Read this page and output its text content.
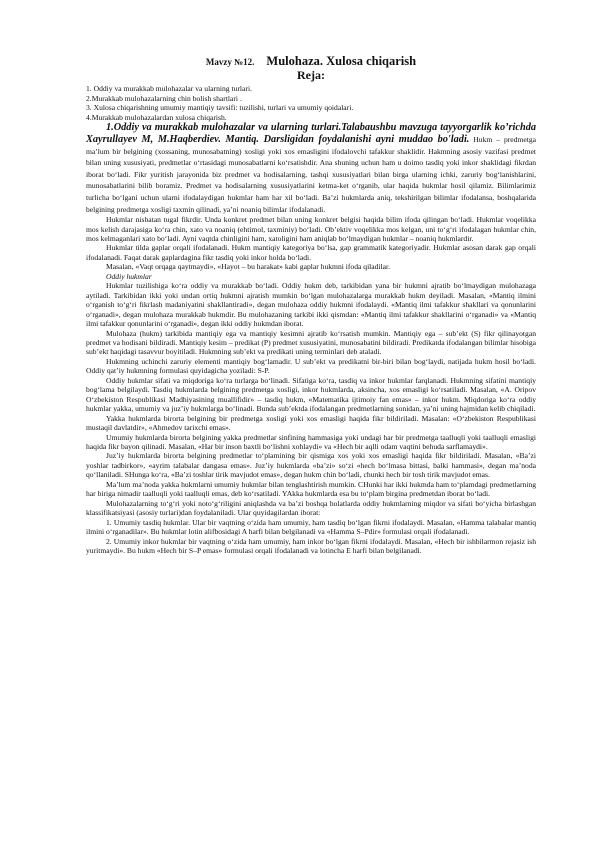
Mavzy №12. Mulohaza. Xulosa chiqarish

Reja:

1. Oddiy va murakkab mulohazalar va ularning turlari.

2.Murakkab mulohazalarning chin bolish shartlari .

3. Xulosa chiqarishning umumiy mantiqiy tavsifi: tuzilishi, turlari va umumiy qoidalari.

4.Murakkab mulohazalardan xulosa chiqarish.

1.Oddiy va murakkab mulohazalar va ularning turlari.Talabaushbu mavzuga tayyorgarlik ko’richda Xayrullayev M, M.Haqberdiev. Mantiq. Darsligidan foydalanishi ayni muddao bo'ladi. Hukm – predmetga ma’lum bir belgining (xossaning, munosabatning) xosligi yoki xos emasligini ifodalovchi tafakkur shaklidir. Hakmning asosiy vazifasi predmet bilan uning xususiyati, predmetlar o‘rtasidagi munosabatlarni ko‘rsatishdir. Ana shuning uchun ham u doimo tasdiq yoki inkor shaklidagi fikrdan iborat bo‘ladi. Fikr yuritish jarayonida biz predmet va hodisalarning, tashqi xususiyatlari bilan birga ularning ichki, zaruriy bog‘lanishlarini, munosabatlarini bilib boramiz. Predmet va hodisalarning xususiyatlarini ketma-ket o‘rganib, ular haqida hukmlar hosil qilamiz. Bilimlarimiz turlicha bo‘lgani uchun ularni ifodalaydigan hukmlar ham har xil bo‘ladi. Ba’zi hukmlarda aniq, tekshirilgan bilimlar ifodalansa, boshqalarida belgining predmetga xosligi taxmin qilinadi, ya’ni noaniq bilimlar ifodalanadi.

Hukmlar nisbatan tugal fikrdir. Unda konkret predmet bilan uning konkret belgisi haqida bilim ifoda qilingan bo‘ladi. Hukmlar voqelikka mos kelish darajasiga ko‘ra chin, xato va noaniq (ehtimol, taxminiy) bo‘ladi. Ob’ektiv voqelikka mos kelgan, uni to‘g‘ri ifodalagan hukmlar chin, mos kelmaganlari xato bo‘ladi. Ayni vaqtda chinligini ham, xatoligini ham aniqlab bo‘lmaydigan hukmlar – noaniq hukmlardir.

Hukmlar tilda gaplar orqali ifodalanadi. Hukm mantiqiy kategoriya bo‘lsa, gap grammatik kategoriyadir. Hukmlar asosan darak gap orqali ifodalanadi. Faqat darak gaplardagina fikr tasdiq yoki inkor holda bo‘ladi.

Masalan, «Vaqt orqaga qaytmaydi», «Hayot – bu harakat» kabi gaplar hukmni ifoda qiladilar.

Oddiy hukmlar

Hukmlar tuzilishiga ko‘ra oddiy va murakkab bo‘ladi. Oddiy hukm deb, tarkibidan yana bir hukmni ajratib bo‘lmaydigan mulohazaga aytiladi. Tarkibidan ikki yoki undan ortiq hukmni ajratish mumkin bo‘lgan mulohazalarga murakkab hukm deyiladi. Masalan, «Mantiq ilmini o‘rganish to‘g‘ri fikrlash madaniyatini shakllantiradi», degan mulohaza oddiy hukmni ifodalaydi. «Mantiq ilmi tafakkur shakllari va qonunlarini o‘rganadi», degan mulohaza murakkab hukmdir. Bu mulohazaning tarkibi ikki qismdan: «Mantiq ilmi tafakkur shakllarini o‘rganadi» va «Mantiq ilmi tafakkur qonunlarini o‘rganadi», degan ikki oddiy hukmdan iborat.

Mulohaza (hukm) tarkibida mantiqiy ega va mantiqiy kesimni ajratib ko‘rsatish mumkin. Mantiqiy ega – sub’ekt (S) fikr qilinayotgan predmet va hodisani bildiradi. Mantiqiy kesim – predikat (P) predmet xususiyatini, munosabatini bildiradi. Predikatda ifodalangan bilimlar hisobiga sub’ekt haqidagi tasavvur boyitiladi. Hukmning sub’ekt va predikati uning terminlari deb ataladi.

Hukmning uchinchi zaruriy elementi mantiqiy bog‘lamadir. U sub’ekt va predikatni bir-biri bilan bog‘laydi, natijada hukm hosil bo‘ladi. Oddiy qat’iy hukmning formulasi quyidagicha yoziladi: S-P.

Oddiy hukmlar sifati va miqdoriga ko‘ra turlarga bo‘linadi. Sifatiga ko‘ra, tasdiq va inkor hukmlar farqlanadi. Hukmning sifatini mantiqiy bog‘lama belgilaydi. Tasdiq hukmlarda belgining predmetga xosligi, inkor hukmlarda, aksincha, xos emasligi ko‘rsatiladi. Masalan, «A. Oripov O‘zbekiston Respublikasi Madhiyasining muallifidir» – tasdiq hukm, «Matematika ijtimoiy fan emas» – inkor hukm. Miqdoriga ko‘ra oddiy hukmlar yakka, umumiy va juz’iy hukmlarga bo‘linadi. Bunda sub’ektda ifodalangan predmetlarning sonidan, ya’ni uning hajmidan kelib chiqiladi.

Yakka hukmlarda birorta belgining bir predmetga xosligi yoki xos emasligi haqida fikr bildiriladi. Masalan: «O‘zbekiston Respublikasi mustaqil davlatdir», «Ahmedov tarixchi emas».

Umumiy hukmlarda birorta belgining yakka predmetlar sinfining hammasiga yoki undagi har bir predmetga taalluqli yoki taalluqli emasligi haqida fikr bayon qilinadi. Masalan, «Har bir inson baxtli bo‘lishni xohlaydi» va «Hech bir aqlli odam vaqtini behuda sarflamaydi».

Juz’iy hukmlarda birorta belgining predmetlar to‘plamining bir qismiga xos yoki xos emasligi haqida fikr bildiriladi. Masalan, «Ba’zi yoshlar tadbirkor», «ayrim talabalar dangasa emas». Juz’iy hukmlarda «ba’zi» so‘zi «hech bo‘lmasa bittasi, balki hammasi», degan ma’noda qo‘llaniladi. SHunga ko‘ra, «Ba’zi toshlar tirik mavjudot emas», degan hukm chin bo‘ladi, chunki hech bir tosh tirik mavjudot emas.

Ma’lum ma’noda yakka hukmlarni umumiy hukmlar bilan tenglashtirish mumkin. CHunki har ikki hukmda ham to‘plamdagi predmetlarning har biriga nimadir taalluqli yoki taalluqli emas, deb ko‘rsatiladi. YAkka hukmlarda esa bu to‘plam birgina predmetdan iborat bo‘ladi.

Mulohazalarning to‘g‘ri yoki noto‘g‘riligini aniqlashda va ba’zi boshqa holatlarda oddiy hukmlarning miqdor va sifati bo‘yicha birlashgan klassifikatsiyasi (asosiy turlari)dan foydalaniladi. Ular quyidagilardan iborat:

1. Umumiy tasdiq hukmlar. Ular bir vaqtning o‘zida ham umumiy, ham tasdiq bo‘lgan fikrni ifodalaydi. Masalan, «Hamma talabalar mantiq ilmini o‘rganadilar». Bu hukmlar lotin alifbosidagi A harfi bilan belgilanadi va «Hamma S–Pdir» formulasi orqali ifodalanadi.

2. Umumiy inkor hukmlar bir vaqtning o‘zida ham umumiy, ham inkor bo‘lgan fikrni ifodalaydi. Masalan, «Hech bir ishbilarmon rejasiz ish yuritmaydi». Bu hukm «Hech bir S–P emas» formulasi orqali ifodalanadi va lotincha E harfi bilan belgilanadi.
